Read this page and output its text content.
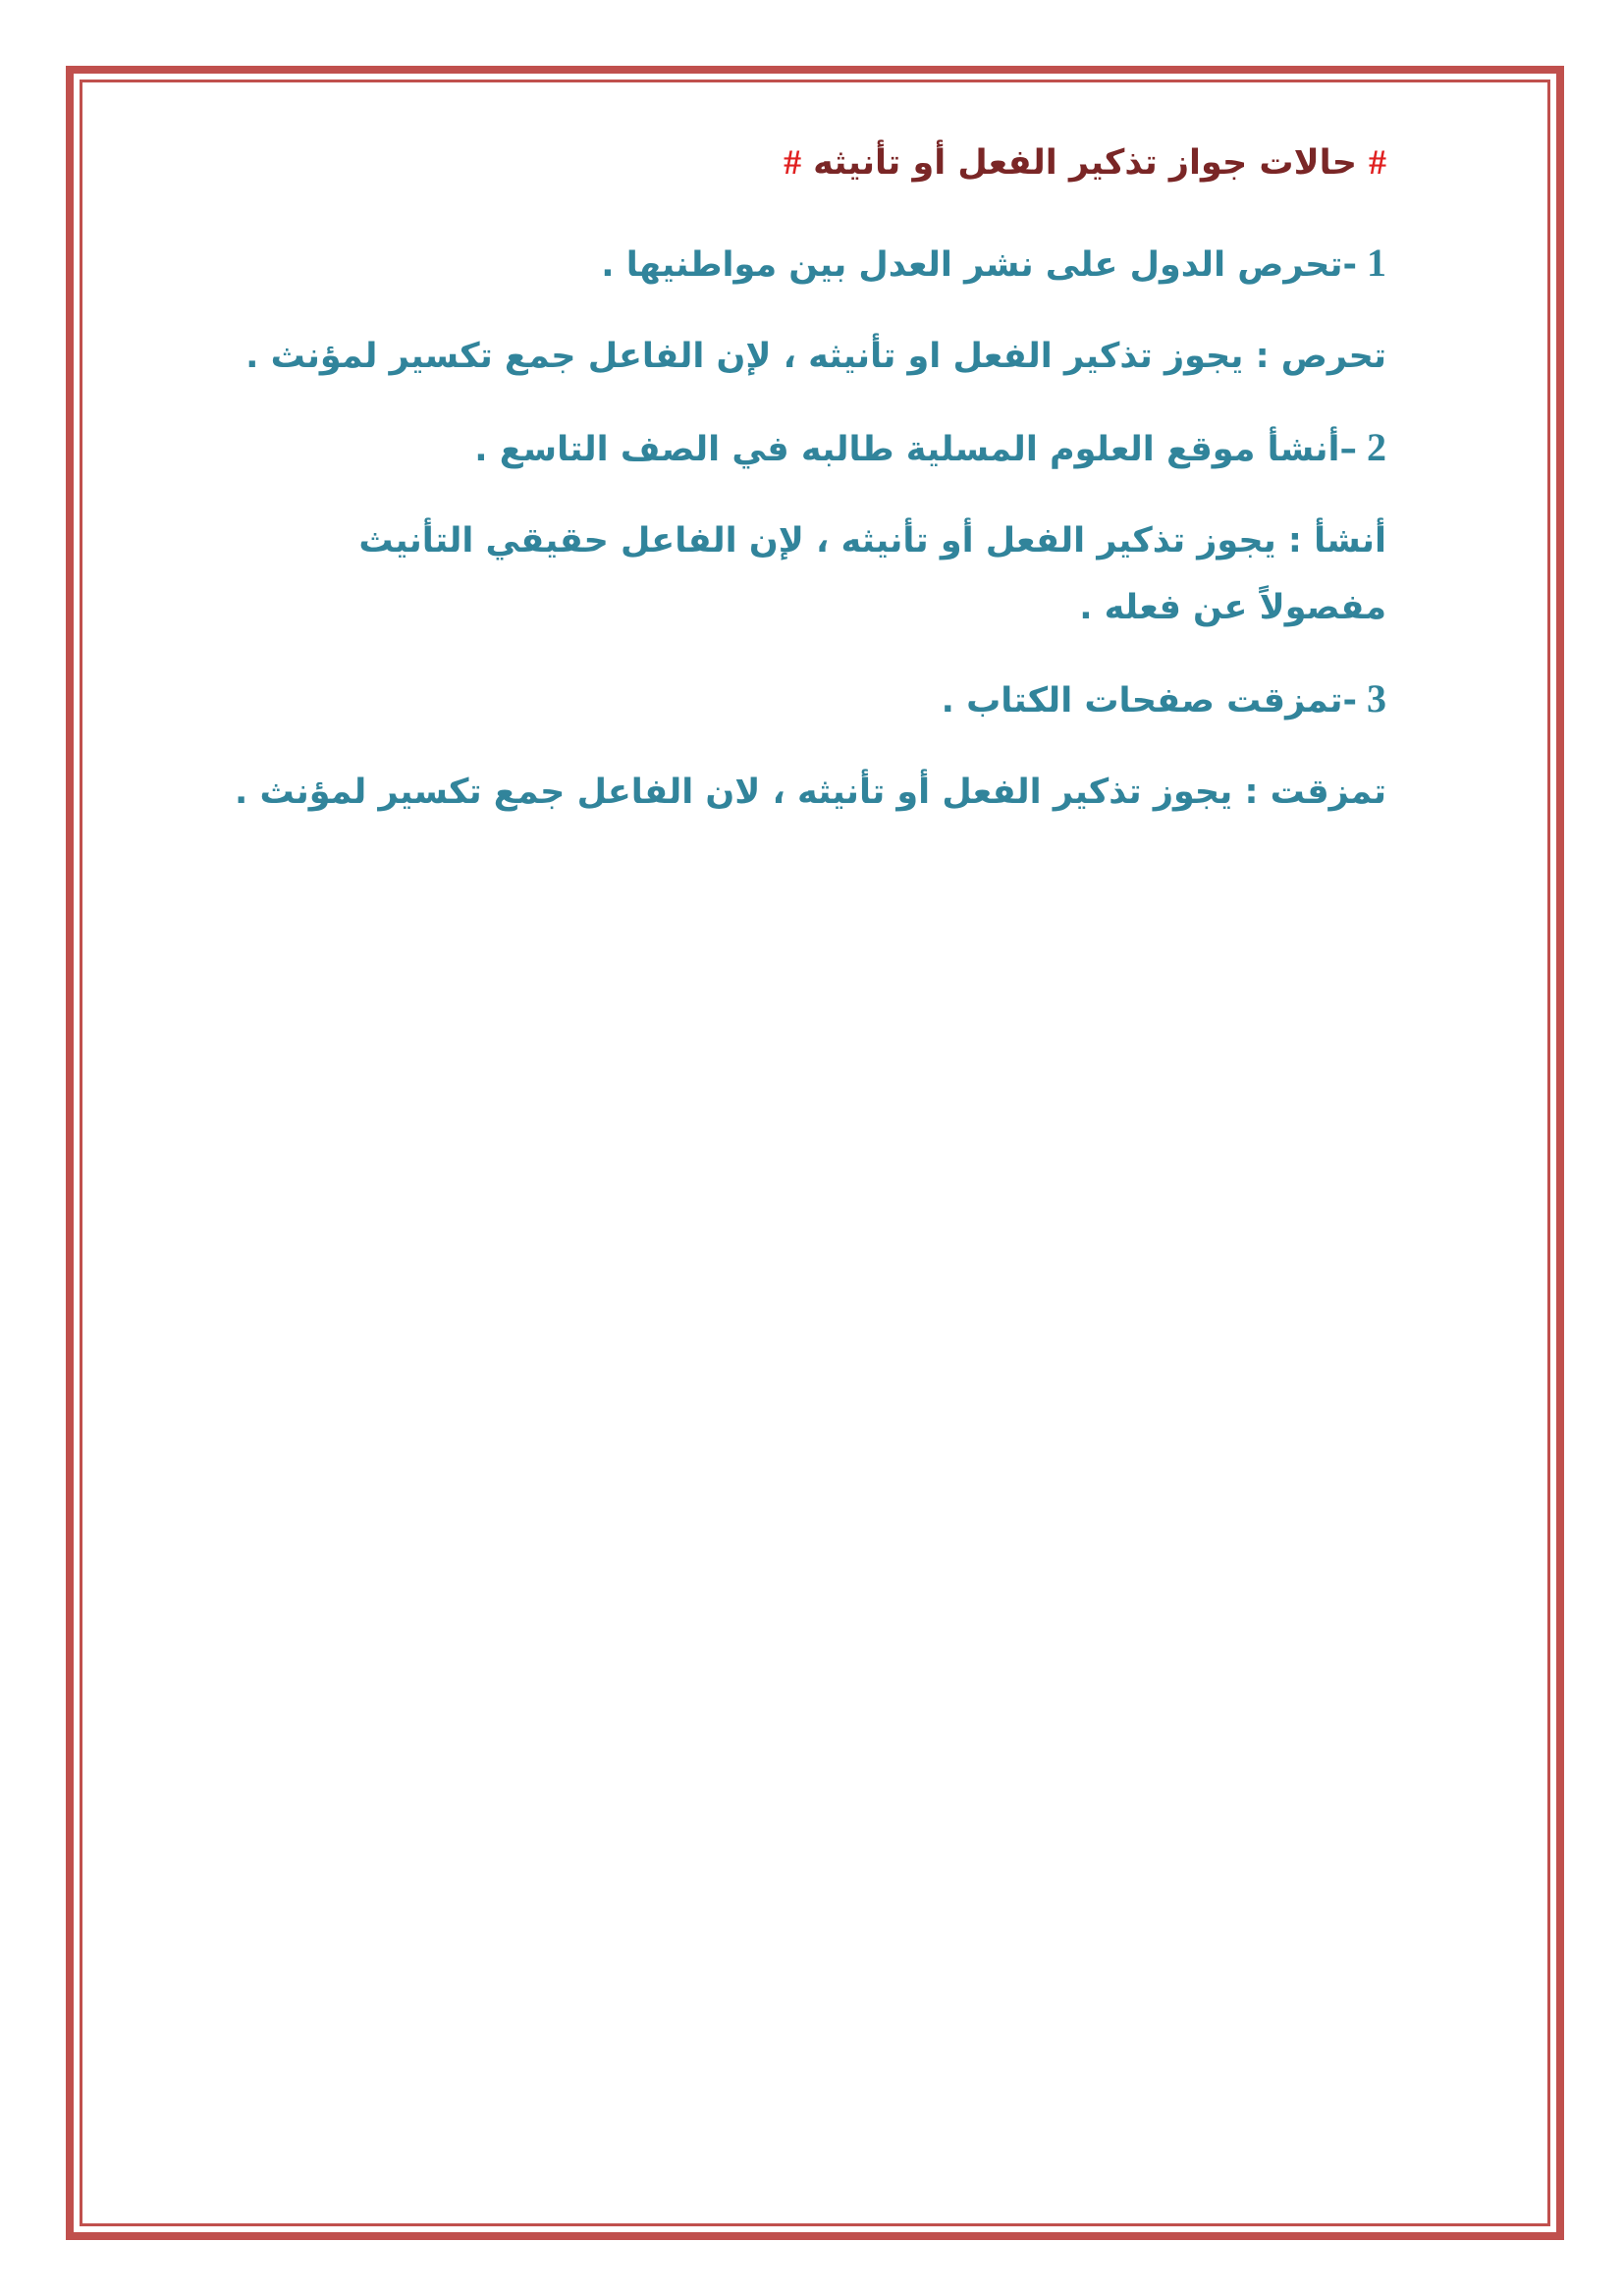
#حالات جواز تذكير الفعل أو تأنيثه#

1-تحرص الدول على نشر العدل بين مواطنيها .

تحرص : يجوز تذكير الفعل او تأنيثه ، لإن الفاعل جمع تكسير لمؤنث .

2–أنشأ موقع العلوم المسلية طالبه في الصف التاسع .

أنشأ : يجوز تذكير الفعل أو تأنيثه ، لإن الفاعل حقيقي التأنيث مفصولاً عن فعله .

3-تمزقت صفحات الكتاب .

تمزقت : يجوز تذكير الفعل أو تأنيثه ، لان الفاعل جمع تكسير لمؤنث .
